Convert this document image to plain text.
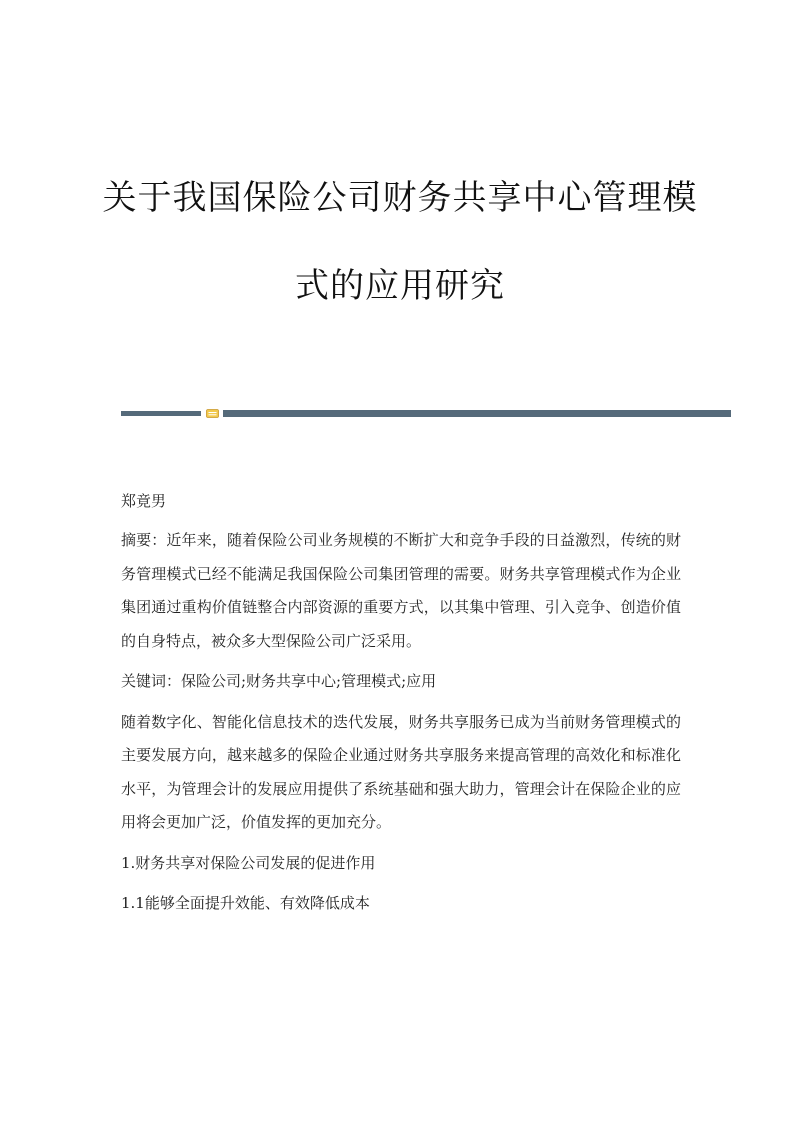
关于我国保险公司财务共享中心管理模
式的应用研究

郑竟男

摘要：近年来，随着保险公司业务规模的不断扩大和竞争手段的日益激烈，传统的财务管理模式已经不能满足我国保险公司集团管理的需要。财务共享管理模式作为企业集团通过重构价值链整合内部资源的重要方式，以其集中管理、引入竞争、创造价值的自身特点，被众多大型保险公司广泛采用。

关键词：保险公司;财务共享中心;管理模式;应用

随着数字化、智能化信息技术的迭代发展，财务共享服务已成为当前财务管理模式的主要发展方向，越来越多的保险企业通过财务共享服务来提高管理的高效化和标准化水平，为管理会计的发展应用提供了系统基础和强大助力，管理会计在保险企业的应用将会更加广泛，价值发挥的更加充分。

1.财务共享对保险公司发展的促进作用

1.1能够全面提升效能、有效降低成本
